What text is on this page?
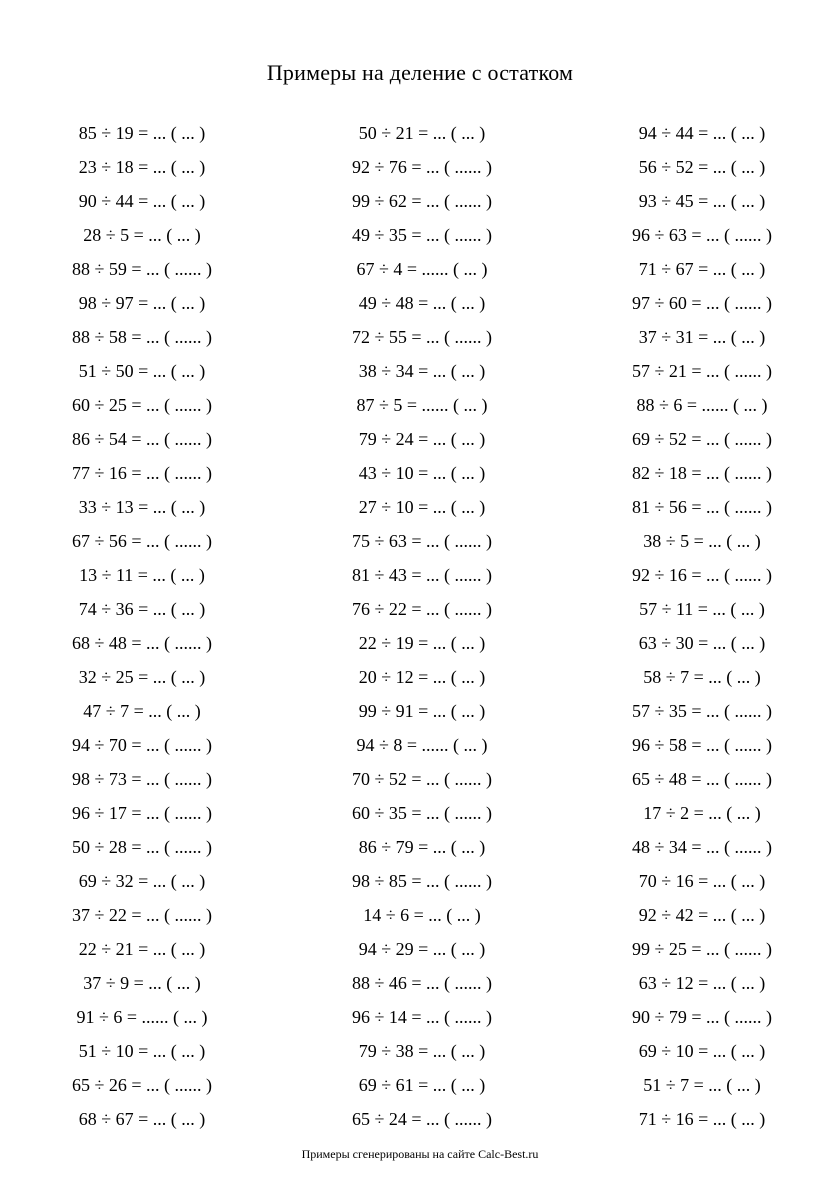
Примеры на деление с остатком
85 ÷ 19 = ... ( ... )
23 ÷ 18 = ... ( ... )
90 ÷ 44 = ... ( ... )
28 ÷ 5 = ... ( ... )
88 ÷ 59 = ... ( ...... )
98 ÷ 97 = ... ( ... )
88 ÷ 58 = ... ( ...... )
51 ÷ 50 = ... ( ... )
60 ÷ 25 = ... ( ...... )
86 ÷ 54 = ... ( ...... )
77 ÷ 16 = ... ( ...... )
33 ÷ 13 = ... ( ... )
67 ÷ 56 = ... ( ...... )
13 ÷ 11 = ... ( ... )
74 ÷ 36 = ... ( ... )
68 ÷ 48 = ... ( ...... )
32 ÷ 25 = ... ( ... )
47 ÷ 7 = ... ( ... )
94 ÷ 70 = ... ( ...... )
98 ÷ 73 = ... ( ...... )
96 ÷ 17 = ... ( ...... )
50 ÷ 28 = ... ( ...... )
69 ÷ 32 = ... ( ... )
37 ÷ 22 = ... ( ...... )
22 ÷ 21 = ... ( ... )
37 ÷ 9 = ... ( ... )
91 ÷ 6 = ...... ( ... )
51 ÷ 10 = ... ( ... )
65 ÷ 26 = ... ( ...... )
68 ÷ 67 = ... ( ... )
50 ÷ 21 = ... ( ... )
92 ÷ 76 = ... ( ...... )
99 ÷ 62 = ... ( ...... )
49 ÷ 35 = ... ( ...... )
67 ÷ 4 = ...... ( ... )
49 ÷ 48 = ... ( ... )
72 ÷ 55 = ... ( ...... )
38 ÷ 34 = ... ( ... )
87 ÷ 5 = ...... ( ... )
79 ÷ 24 = ... ( ... )
43 ÷ 10 = ... ( ... )
27 ÷ 10 = ... ( ... )
75 ÷ 63 = ... ( ...... )
81 ÷ 43 = ... ( ...... )
76 ÷ 22 = ... ( ...... )
22 ÷ 19 = ... ( ... )
20 ÷ 12 = ... ( ... )
99 ÷ 91 = ... ( ... )
94 ÷ 8 = ...... ( ... )
70 ÷ 52 = ... ( ...... )
60 ÷ 35 = ... ( ...... )
86 ÷ 79 = ... ( ... )
98 ÷ 85 = ... ( ...... )
14 ÷ 6 = ... ( ... )
94 ÷ 29 = ... ( ... )
88 ÷ 46 = ... ( ...... )
96 ÷ 14 = ... ( ...... )
79 ÷ 38 = ... ( ... )
69 ÷ 61 = ... ( ... )
65 ÷ 24 = ... ( ...... )
94 ÷ 44 = ... ( ... )
56 ÷ 52 = ... ( ... )
93 ÷ 45 = ... ( ... )
96 ÷ 63 = ... ( ...... )
71 ÷ 67 = ... ( ... )
97 ÷ 60 = ... ( ...... )
37 ÷ 31 = ... ( ... )
57 ÷ 21 = ... ( ...... )
88 ÷ 6 = ...... ( ... )
69 ÷ 52 = ... ( ...... )
82 ÷ 18 = ... ( ...... )
81 ÷ 56 = ... ( ...... )
38 ÷ 5 = ... ( ... )
92 ÷ 16 = ... ( ...... )
57 ÷ 11 = ... ( ... )
63 ÷ 30 = ... ( ... )
58 ÷ 7 = ... ( ... )
57 ÷ 35 = ... ( ...... )
96 ÷ 58 = ... ( ...... )
65 ÷ 48 = ... ( ...... )
17 ÷ 2 = ... ( ... )
48 ÷ 34 = ... ( ...... )
70 ÷ 16 = ... ( ... )
92 ÷ 42 = ... ( ... )
99 ÷ 25 = ... ( ...... )
63 ÷ 12 = ... ( ... )
90 ÷ 79 = ... ( ...... )
69 ÷ 10 = ... ( ... )
51 ÷ 7 = ... ( ... )
71 ÷ 16 = ... ( ... )
Примеры сгенерированы на сайте Calc-Best.ru
